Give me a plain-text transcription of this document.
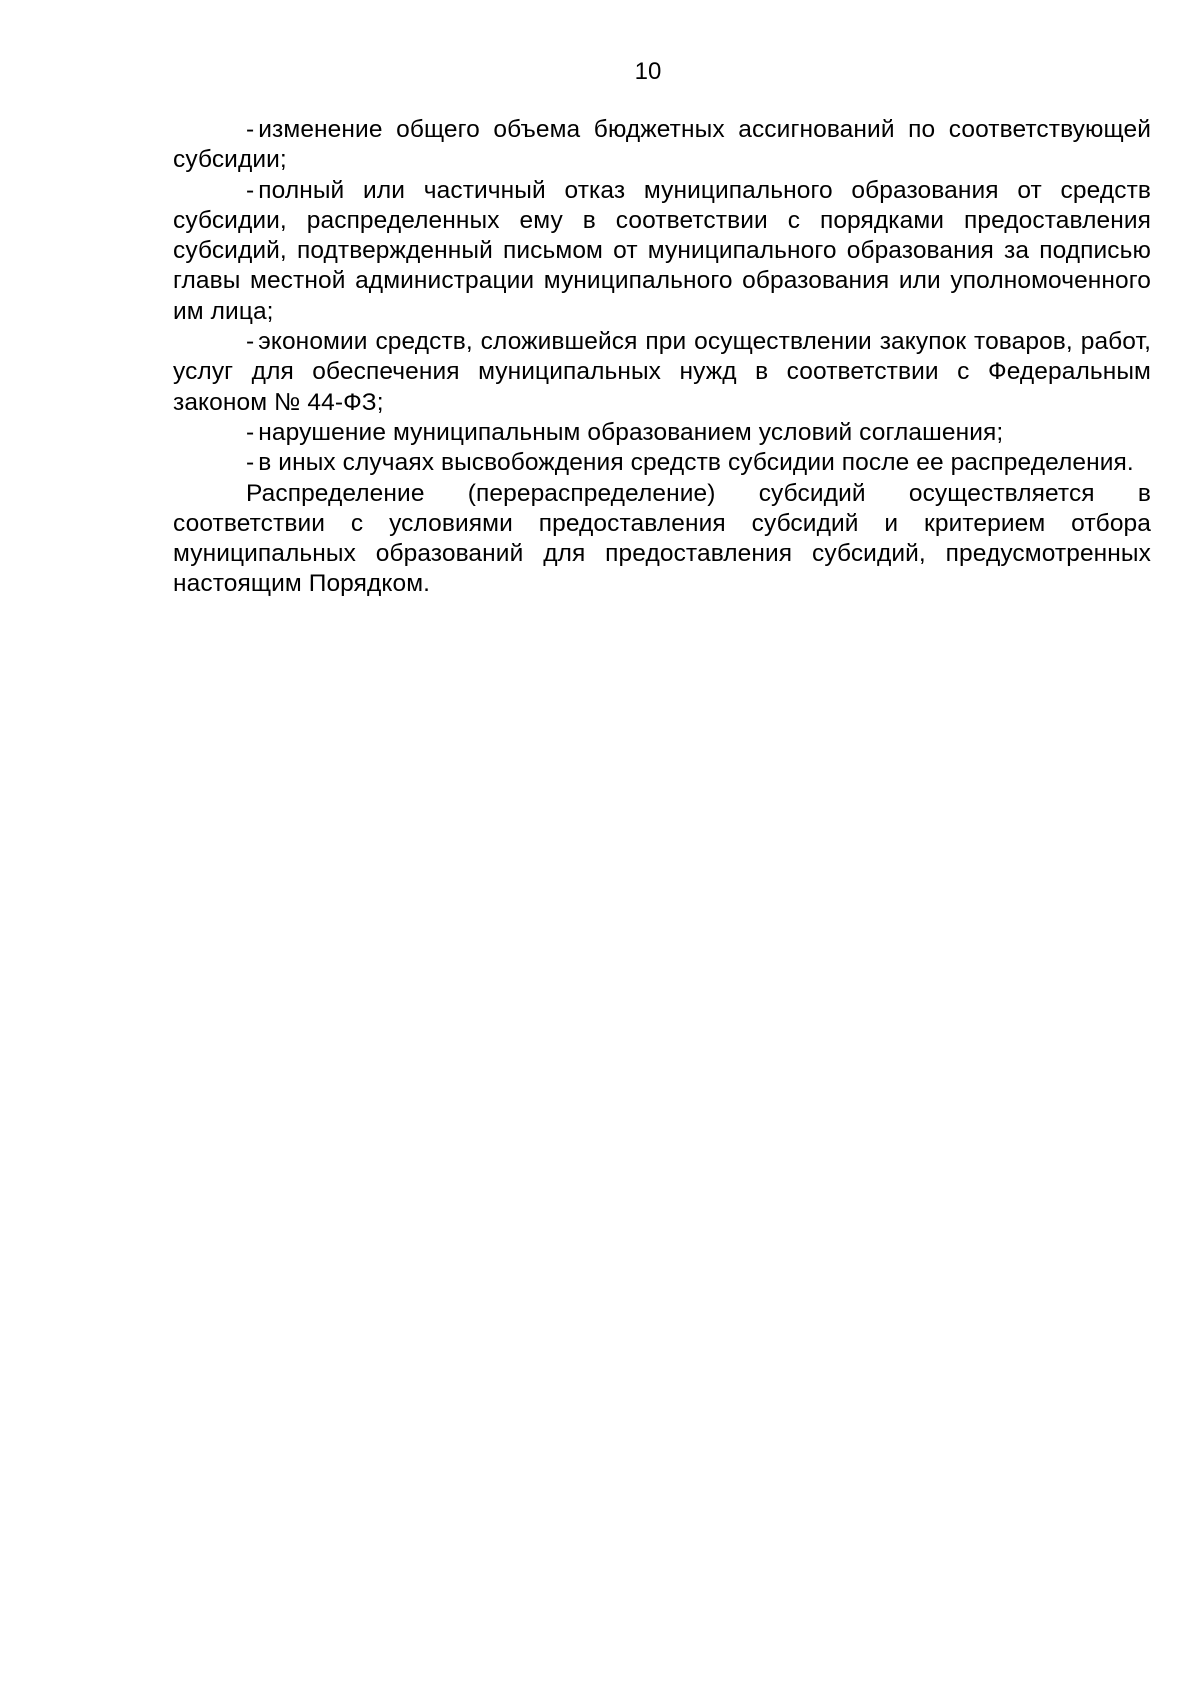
10

- изменение общего объема бюджетных ассигнований по соответствующей субсидии;

- полный или частичный отказ муниципального образования от средств субсидии, распределенных ему в соответствии с порядками предоставления субсидий, подтвержденный письмом от муниципального образования за подписью главы местной администрации муниципального образования или уполномоченного им лица;

- экономии средств, сложившейся при осуществлении закупок товаров, работ, услуг для обеспечения муниципальных нужд в соответствии с Федеральным законом № 44-ФЗ;

- нарушение муниципальным образованием условий соглашения;

- в иных случаях высвобождения средств субсидии после ее распределения.

Распределение (перераспределение) субсидий осуществляется в соответствии с условиями предоставления субсидий и критерием отбора муниципальных образований для предоставления субсидий, предусмотренных настоящим Порядком.
